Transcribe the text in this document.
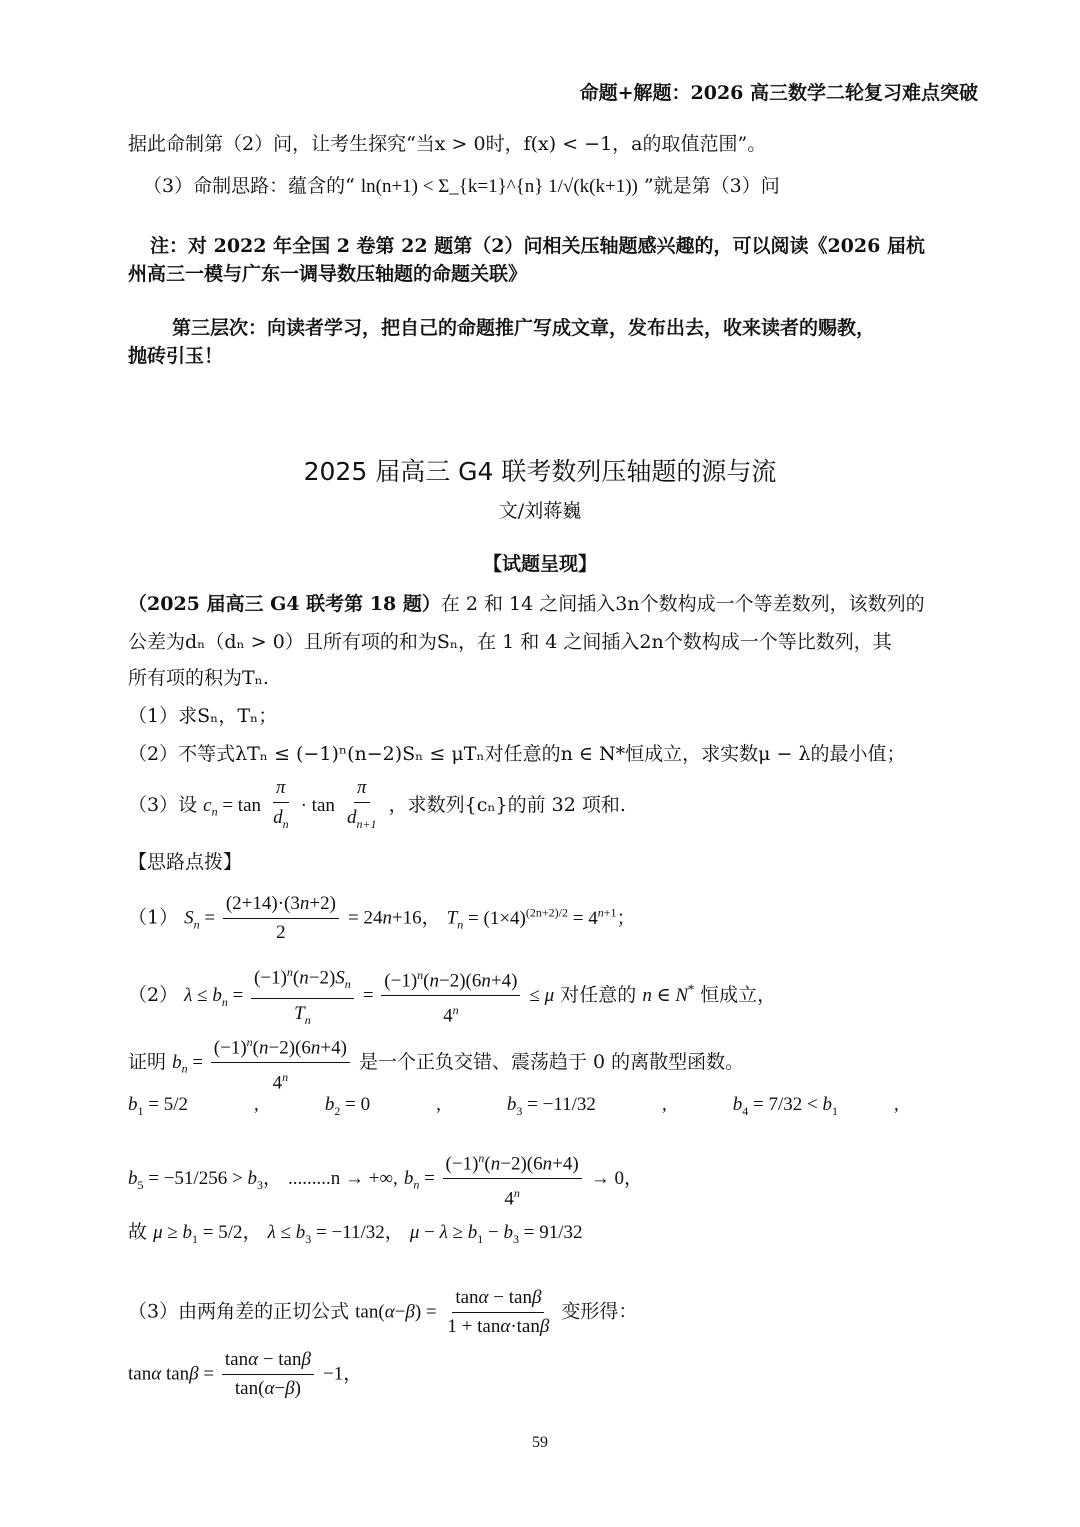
命题+解题：2026 高三数学二轮复习难点突破
据此命制第（2）问，让考生探究“当x > 0时，f(x) < −1，a的取值范围”。
（3）命制思路：蕴含的“ ln(n+1) < Σ_{k=1}^{n} 1/√(k(k+1)) ”就是第（3）问
注：对 2022 年全国 2 卷第 22 题第（2）问相关压轴题感兴趣的，可以阅读《2026 届杭
州高三一模与广东一调导数压轴题的命题关联》
第三层次：向读者学习，把自己的命题推广写成文章，发布出去，收来读者的赐教，
抛砖引玉！
2025 届高三 G4 联考数列压轴题的源与流
文/刘蒋巍
【试题呈现】
（2025 届高三 G4 联考第 18 题）在 2 和 14 之间插入3n个数构成一个等差数列，该数列的
公差为dₙ（dₙ > 0）且所有项的和为Sₙ，在 1 和 4 之间插入2n个数构成一个等比数列，其
所有项的积为Tₙ.
（1）求Sₙ，Tₙ；
（2）不等式λTₙ ≤ (−1)ⁿ(n−2)Sₙ ≤ μTₙ对任意的n ∈ N*恒成立，求实数μ − λ的最小值；
（3）设 $c_n = \tan \frac{\pi}{d_n} \cdot \tan \frac{\pi}{d_{n+1}}$ ，求数列{cₙ}的前 32 项和.
【思路点拨】
（1） $S_n = \frac{(2+14)\cdot(3n+2)}{2} = 24n+16$， $T_n = (1\times 4)^{(2n+2)/2} = 4^{n+1}$；
（2） $\lambda \le b_n = \frac{(-1)^n(n-2)S_n}{T_n} = \frac{(-1)^n(n-2)(6n+4)}{4^n} \le \mu$ 对任意的 n ∈ N* 恒成立，
证明 $b_n = \frac{(-1)^n(n-2)(6n+4)}{4^n}$ 是一个正负交错、震荡趋于 0 的离散型函数。
$b_1 = 5/2$	,	$b_2 = 0$	,	$b_3 = -11/32$	,	$b_4 = 7/32 < b_1$	,
$b_5 = -51/256 > b_3$， .........n → +∞, $b_n = \frac{(-1)^n(n-2)(6n+4)}{4^n} \to 0$，
故 $\mu \ge b_1 = 5/2$， $\lambda \le b_3 = -11/32$， $\mu - \lambda \ge b_1 - b_3 = 91/32$
（3）由两角差的正切公式 $\tan(\alpha-\beta) = \frac{\tan\alpha - \tan\beta}{1 + \tan\alpha\cdot\tan\beta}$ 变形得：
tanα $\tan\beta = \frac{\tan\alpha - \tan\beta}{\tan(\alpha-\beta)} -1$，
59
